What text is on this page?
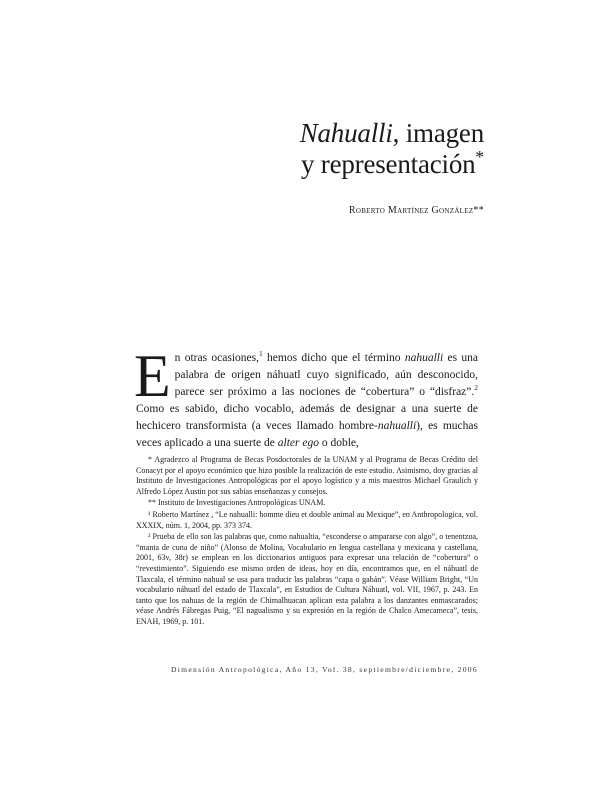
Nahualli, imagen
y representación*
Roberto Martínez González**
En otras ocasiones,$^1$ hemos dicho que el término nahualli es una palabra de origen náhuatl cuyo significado, aún desconocido, parece ser próximo a las nociones de “cobertura” o “disfraz”.$^2$ Como es sabido, dicho vocablo, además de designar a una suerte de hechicero transformista (a veces llamado hombre-nahualli), es muchas veces aplicado a una suerte de alter ego o doble,

* Agradezco al Programa de Becas Posdoctorales de la UNAM y al Programa de Becas Crédito del Conacyt por el apoyo económico que hizo posible la realización de este estudio. Asimismo, doy gracias al Instituto de Investigaciones Antropológicas por el apoyo logístico y a mis maestros Michael Graulich y Alfredo López Austin por sus sabias enseñanzas y consejos.

** Instituto de Investigaciones Antropológicas UNAM.

¹ Roberto Martínez , “Le nahualli: homme dieu et double animal au Mexique”, en Anthropologica, vol. XXXIX, núm. 1, 2004, pp. 373 374.

² Prueba de ello son las palabras que, como nahualtia, “esconderse o ampararse con algo”, o tenentzoa, “manta de cuna de niño” (Alonso de Molina, Vocabulario en lengua castellana y mexicana y castellana, 2001, 63v, 38r) se emplean en los diccionarios antiguos para expresar una relación de “cobertura” o “revestimiento”. Siguiendo ese mismo orden de ideas, hoy en día, encontramos que, en el náhuatl de Tlaxcala, el término nahual se usa para traducir las palabras “capa o gabán”. Véase William Bright, “Un vocabulario náhuatl del estado de Tlaxcala”, en Estudios de Cultura Náhuatl, vol. VII, 1967, p. 243. En tanto que los nahuas de la región de Chimalhuacan aplican esta palabra a los danzantes enmascarados; véase Andrés Fábregas Puig, “El nagualismo y su expresión en la región de Chalco Amecameca”, tesis, ENAH, 1969, p. 101.

Dimensión Antropológica, Año 13, Vol. 38, septiembre/diciembre, 2006
